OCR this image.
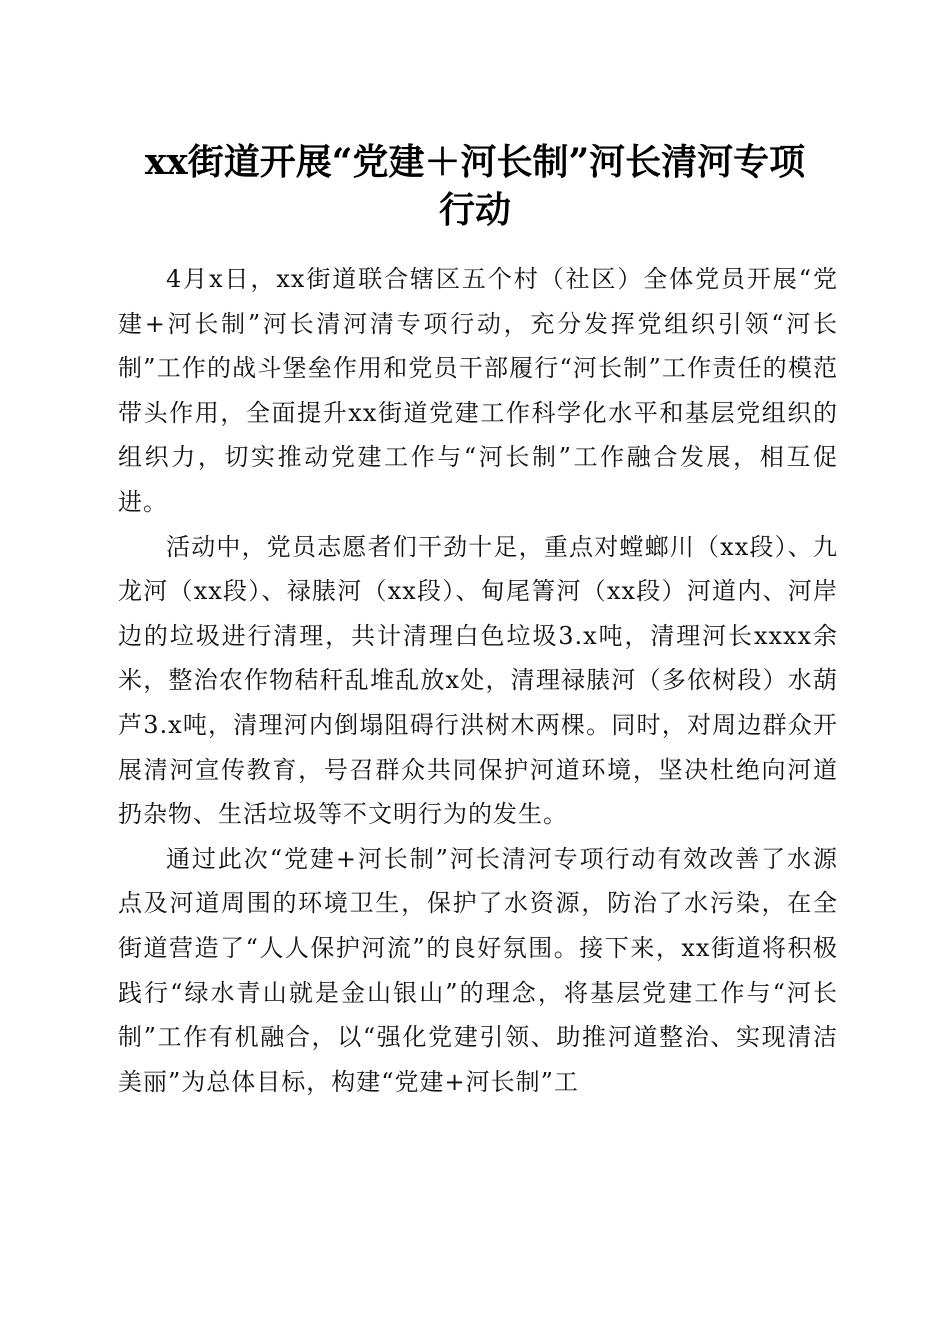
xx街道开展“党建＋河长制”河长清河专项
行动

4月x日，xx街道联合辖区五个村（社区）全体党员开展“党建+河长制”河长清河清专项行动，充分发挥党组织引领“河长制”工作的战斗堡垒作用和党员干部履行“河长制”工作责任的模范带头作用，全面提升xx街道党建工作科学化水平和基层党组织的组织力，切实推动党建工作与“河长制”工作融合发展，相互促进。

活动中，党员志愿者们干劲十足，重点对螳螂川（xx段）、九龙河（xx段）、禄脿河（xx段）、甸尾箐河（xx段）河道内、河岸边的垃圾进行清理，共计清理白色垃圾3.x吨，清理河长xxxx余米，整治农作物秸秆乱堆乱放x处，清理禄脿河（多依树段）水葫芦3.x吨，清理河内倒塌阻碍行洪树木两棵。同时，对周边群众开展清河宣传教育，号召群众共同保护河道环境，坚决杜绝向河道扔杂物、生活垃圾等不文明行为的发生。

通过此次“党建+河长制”河长清河专项行动有效改善了水源点及河道周围的环境卫生，保护了水资源，防治了水污染，在全街道营造了“人人保护河流”的良好氛围。接下来，xx街道将积极践行“绿水青山就是金山银山”的理念，将基层党建工作与“河长制”工作有机融合，以“强化党建引领、助推河道整治、实现清洁美丽”为总体目标，构建“党建+河长制”工
